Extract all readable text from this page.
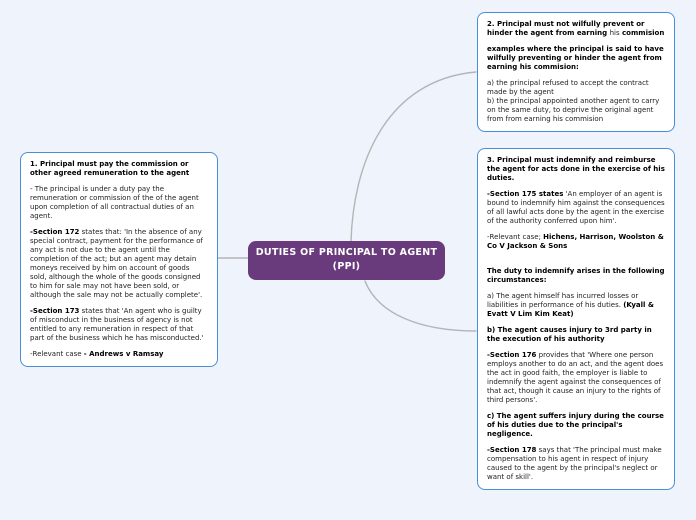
1. Principal must pay the commission or other agreed remuneration to the agent
- The principal is under a duty pay the remuneration or commission of the of the agent upon completion of all contractual duties of an agent.
-Section 172 states that: 'In the absence of any special contract, payment for the performance of any act is not due to the agent until the completion of the act; but an agent may detain moneys received by him on account of goods sold, although the whole of the goods consigned to him for sale may not have been sold, or although the sale may not be actually complete'.
-Section 173 states that 'An agent who is guilty of misconduct in the business of agency is not entitled to any remuneration in respect of that part of the business which he has misconducted.'
-Relevant case - Andrews v Ramsay
2. Principal must not wilfully prevent or hinder the agent from earning his commision
examples where the principal is said to have wilfully preventing or hinder the agent from earning his commision:
a) the principal refused to accept the contract made by the agent
b) the principal appointed another agent to carry on the same duty, to deprive the original agent from from earning his commision
3. Principal must indemnify and reimburse the agent for acts done in the exercise of his duties.
-Section 175 states 'An employer of an agent is bound to indemnify him against the consequences of all lawful acts done by the agent in the exercise of the authority conferred upon him'.
-Relevant case; Hichens, Harrison, Woolston & Co V Jackson & Sons
The duty to indemnify arises in the following circumstances:
a) The agent himself has incurred losses or liabilities in performance of his duties. (Kyall & Evatt V Lim Kim Keat)
b) The agent causes injury to 3rd party in the execution of his authority
-Section 176 provides that 'Where one person employs another to do an act, and the agent does the act in good faith, the employer is liable to indemnify the agent against the consequences of that act, though it cause an injury to the rights of third persons'.
c) The agent suffers injury during the course of his duties due to the principal's negligence.
-Section 178 says that 'The principal must make compensation to his agent in respect of injury caused to the agent by the principal's neglect or want of skill'.
DUTIES OF PRINCIPAL TO AGENT
(PPI)
